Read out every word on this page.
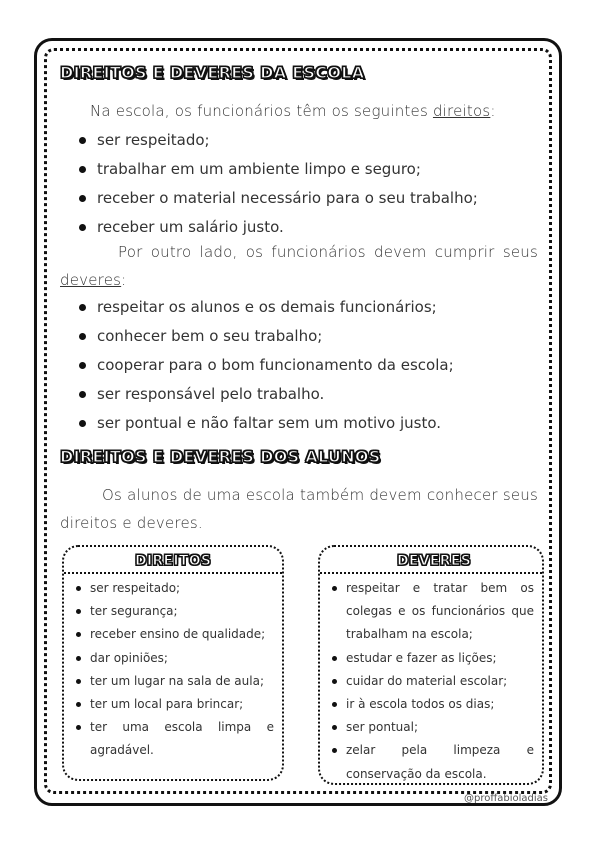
DIREITOS E DEVERES DA ESCOLA
Na escola, os funcionários têm os seguintes direitos:
ser respeitado;
trabalhar em um ambiente limpo e seguro;
receber o material necessário para o seu trabalho;
receber um salário justo.
Por outro lado, os funcionários devem cumprir seus
deveres:
respeitar os alunos e os demais funcionários;
conhecer bem o seu trabalho;
cooperar para o bom funcionamento da escola;
ser responsável pelo trabalho.
ser pontual e não faltar sem um motivo justo.
DIREITOS E DEVERES DOS ALUNOS
Os alunos de uma escola também devem conhecer seus
direitos e deveres.
DIREITOS
ser respeitado;
ter segurança;
receber ensino de qualidade;
dar opiniões;
ter um lugar na sala de aula;
ter um local para brincar;
ter uma escola limpa e agradável.
DEVERES
respeitar e tratar bem os colegas e os funcionários que trabalham na escola;
estudar e fazer as lições;
cuidar do material escolar;
ir à escola todos os dias;
ser pontual;
zelar pela limpeza e conservação da escola.
@proffabioladias
